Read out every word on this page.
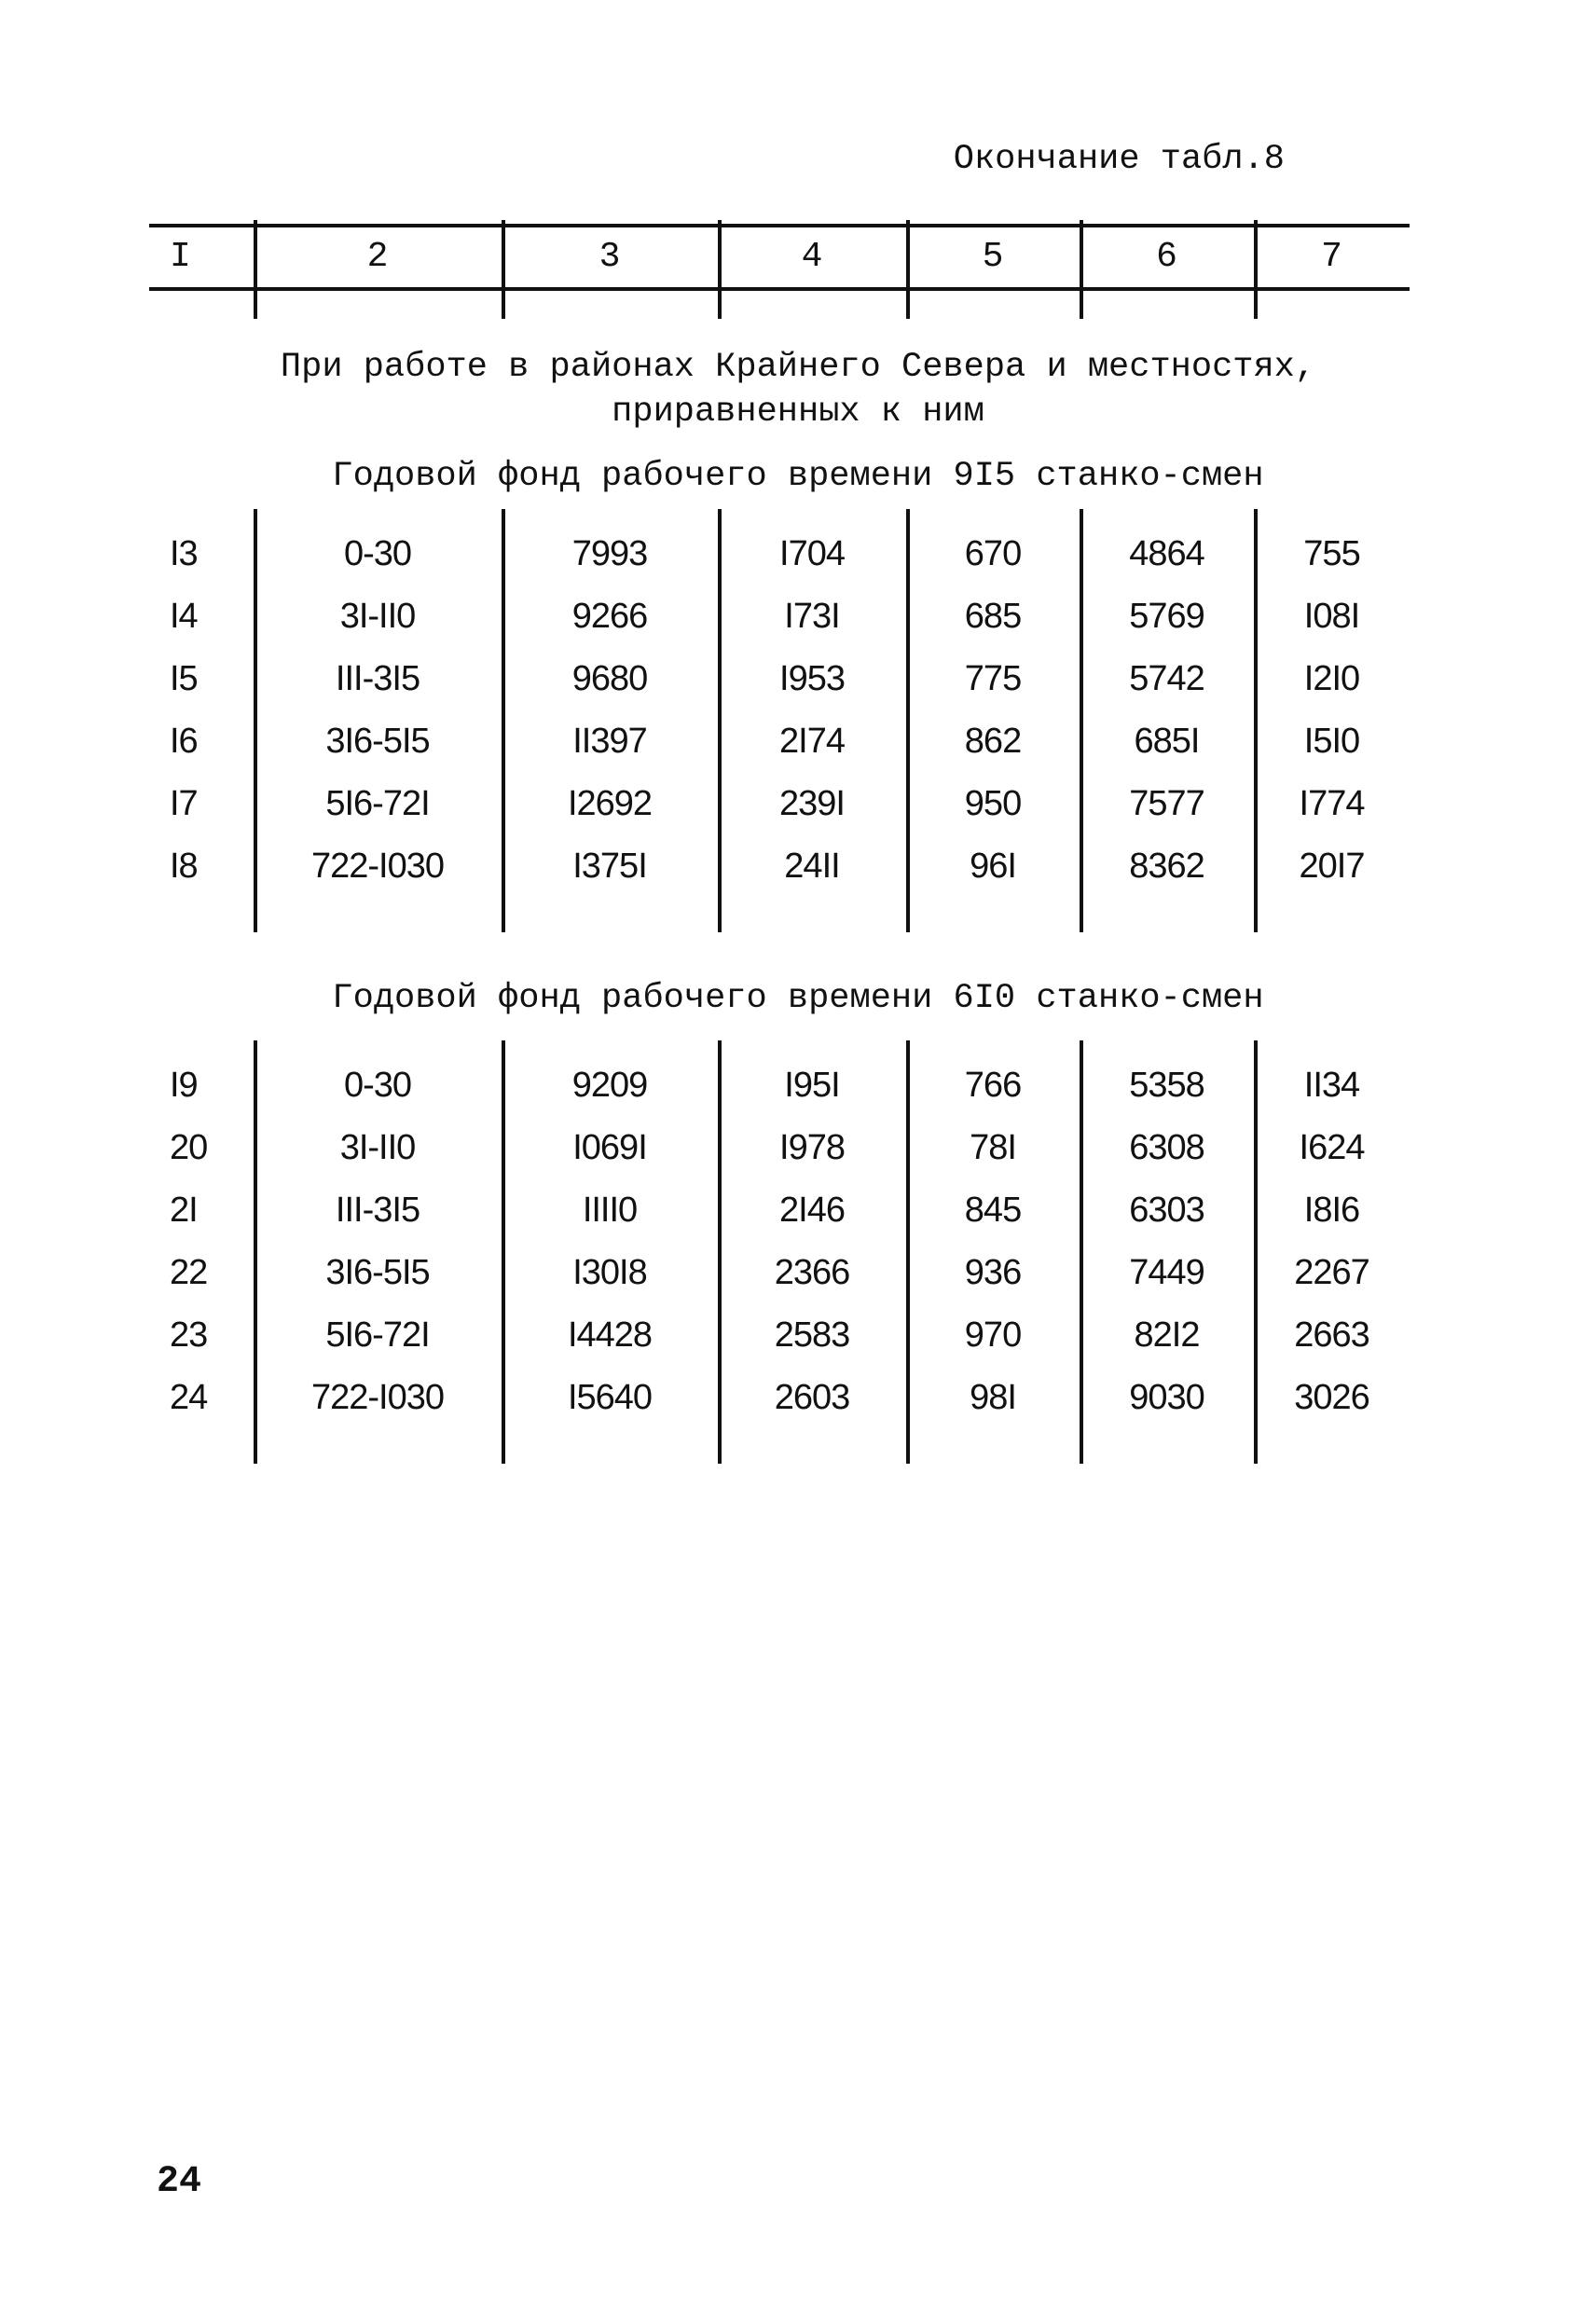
Окончание табл.8
I	2	3	4	5	6	7
При работе в районах Крайнего Севера и местностях,
приравненных к ним
Годовой фонд рабочего времени 9I5 станко-смен
I3	0-30	7993	I704	670	4864	755
I4	3I-II0	9266	I73I	685	5769	I08I
I5	III-3I5	9680	I953	775	5742	I2I0
I6	3I6-5I5	II397	2I74	862	685I	I5I0
I7	5I6-72I	I2692	239I	950	7577	I774
I8	722-I030	I375I	24II	96I	8362	20I7
Годовой фонд рабочего времени 6I0 станко-смен
I9	0-30	9209	I95I	766	5358	II34
20	3I-II0	I069I	I978	78I	6308	I624
2I	III-3I5	IIII0	2I46	845	6303	I8I6
22	3I6-5I5	I30I8	2366	936	7449	2267
23	5I6-72I	I4428	2583	970	82I2	2663
24	722-I030	I5640	2603	98I	9030	3026
24
